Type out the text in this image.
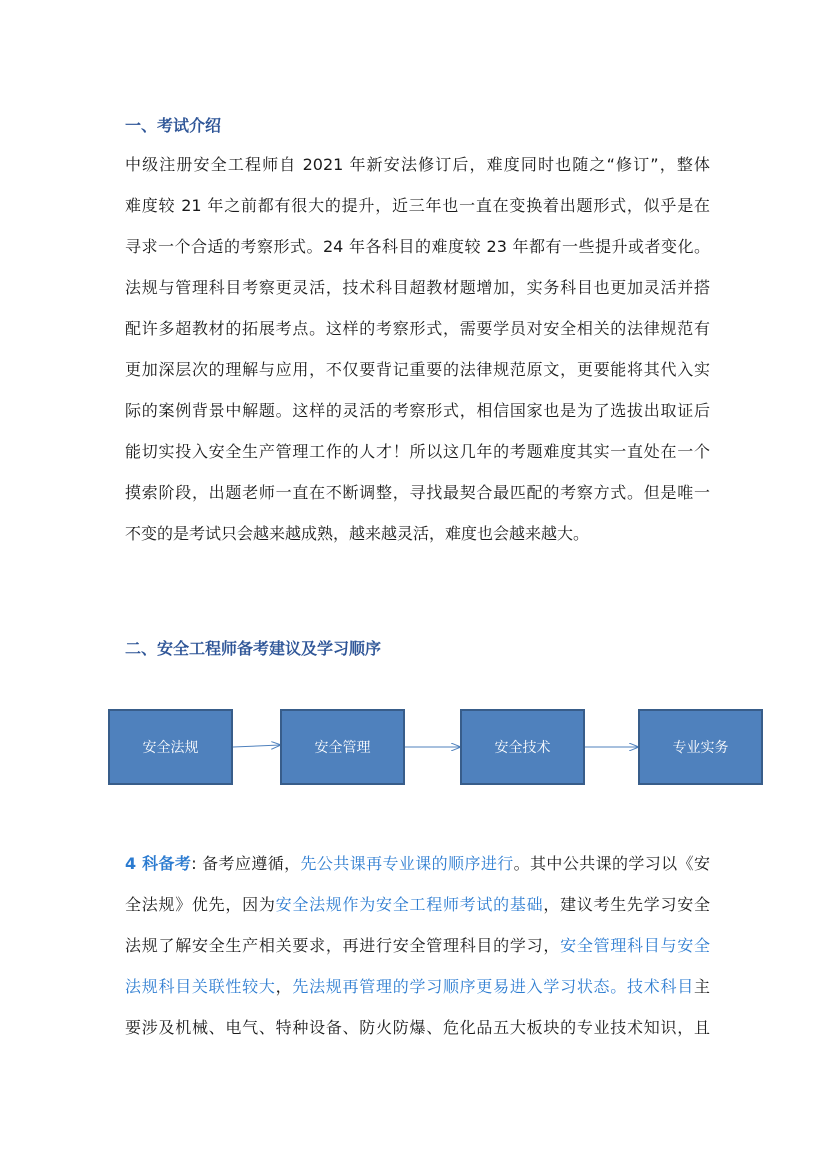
一、考试介绍

中级注册安全工程师自 2021 年新安法修订后，难度同时也随之“修订”，整体
难度较 21 年之前都有很大的提升，近三年也一直在变换着出题形式，似乎是在
寻求一个合适的考察形式。24 年各科目的难度较 23 年都有一些提升或者变化。
法规与管理科目考察更灵活，技术科目超教材题增加，实务科目也更加灵活并搭
配许多超教材的拓展考点。这样的考察形式，需要学员对安全相关的法律规范有
更加深层次的理解与应用，不仅要背记重要的法律规范原文，更要能将其代入实
际的案例背景中解题。这样的灵活的考察形式，相信国家也是为了选拔出取证后
能切实投入安全生产管理工作的人才！所以这几年的考题难度其实一直处在一个
摸索阶段，出题老师一直在不断调整，寻找最契合最匹配的考察方式。但是唯一
不变的是考试只会越来越成熟，越来越灵活，难度也会越来越大。

二、安全工程师备考建议及学习顺序
安全法规	安全管理	安全技术	专业实务

4 科备考: 备考应遵循，先公共课再专业课的顺序进行。其中公共课的学习以《安
全法规》优先，因为安全法规作为安全工程师考试的基础，建议考生先学习安全
法规了解安全生产相关要求，再进行安全管理科目的学习，安全管理科目与安全
法规科目关联性较大，先法规再管理的学习顺序更易进入学习状态。技术科目主
要涉及机械、电气、特种设备、防火防爆、危化品五大板块的专业技术知识，且
